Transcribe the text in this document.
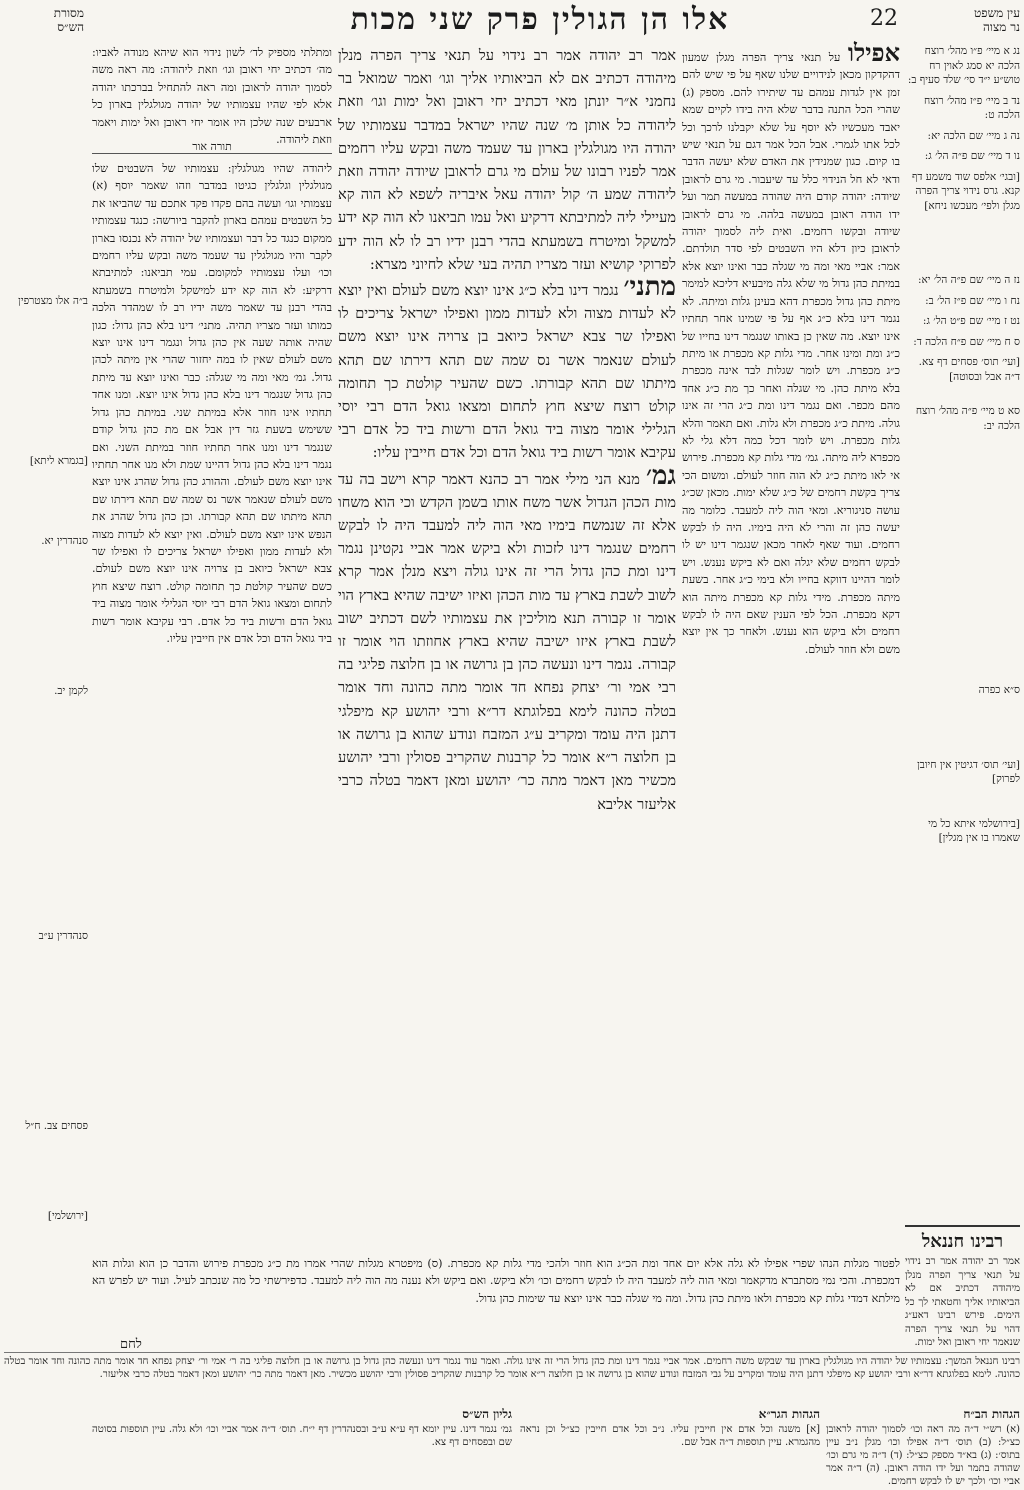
מסורת
הש״ס	אלו הן הגולין פרק שני מכות	22	עין משפט
נר מצוה
נג א מיי׳ פ״ו מהל׳ רוצח הלכה יא סמג לאוין רח טוש״ע י״ד סי׳ שלד סעיף ב:
נד ב מיי׳ פ״ז מהל׳ רוצח הלכה ט:
נה ג מיי׳ שם הלכה יא:
נו ד מיי׳ שם פ״ה הל׳ ג:
[ובגי׳ אלפס שוד משמע דף קנא. גרס נידוי צריך הפרה מגלן ולפי׳ מעכשו ניחא]
נז ה מיי׳ שם פ״ה הל׳ יא:
נח ו מיי׳ שם פ״ז הל׳ ב:
נט ז מיי׳ שם פ״ט הל׳ ג:
ס ח מיי׳ שם פ״ח הלכה ד:
[ועי׳ תוס׳ פסחים דף צא. ד״ה אבל ובסוטה]
סא ט מיי׳ פ״ה מהל׳ רוצח הלכה יב:
ס״א כפרה
[ועי׳ תוס׳ דגיטין אין חיובן לפרוק]
[בירושלמי איתא כל מי שאמרו בו אין מגלין]
ב״ה אלו מצטרפין
[בגמרא ליתא]
סנהדרין יא.
לקמן יב.
סנהדרין ע״ב
פסחים צב. ח״ל
[ירושלמי]
ומתלתי מספיק לד׳ לשון נידוי הוא שיהא מנודה לאביו: מה׳ דכתיב יחי ראובן וגו׳ וזאת ליהודה: מה ראה משה לסמוך יהודה לראובן ומה ראה להתחיל בברכתו יהודה אלא לפי שהיו עצמותיו של יהודה מגולגלין בארון כל ארבעים שנה שלכן היו אומר יחי ראובן ואל ימות ויאמר וזאת ליהודה.
תורה אור
ליהודה שהיו מגולגלין: עצמותיו של השבטים שלו מגולגלין וגלגלין כגיטו במדבר וזהו שאמר יוסף (א) עצמותי וגו׳ ועשה בהם פקדו פקד אתכם עד שהביאו את כל השבטים עמהם בארון להקבר ביורשה: כנגד עצמותיו ממקום כנגד כל דבר ועצמותיו של יהודה לא נכנסו בארון לקבר והיו מגולגלין עד שעמד משה ובקש עליו רחמים וכו׳ ועלו עצמותיו למקומם. עמי תביאנו: למתיבתא דרקיע: לא הוה קא ידע למישקל ולמיטרח בשמעתא בהדי רבנן עד שאמר משה ידיו רב לו שמהדר הלכה כמותו ועזר מצריו תהיה. מתני׳ דינו בלא כהן גדול: כגון שהיה אותה שעה אין כהן גדול ונגמר דינו אינו יוצא משם לעולם שאין לו במה יחזור שהרי אין מיתה לכהן גדול. גמ׳ מאי ומה מי שגלה: כבר ואינו יוצא עד מיתת כהן גדול שנגמר דינו בלא כהן גדול אינו יוצא. ומנו אחד תחתיו אינו חוזר אלא במיתת שני. במיתת כהן גדול ששימש בשעת גזר דין אבל אם מת כהן גדול קודם שנגמר דינו ומנו אחר תחתיו חוזר במיתת השני. ואם נגמר דינו בלא כהן גדול דהיינו שמת ולא מנו אחר תחתיו אינו יוצא משם לעולם. וההורג כהן גדול שהרג אינו יוצא משם לעולם שנאמר אשר נס שמה שם תהא דירתו שם תהא מיתתו שם תהא קבורתו. וכן כהן גדול שהרג את הנפש אינו יוצא משם לעולם. ואין יוצא לא לעדות מצוה ולא לעדות ממון ואפילו ישראל צריכים לו ואפילו שר צבא ישראל כיואב בן צרויה אינו יוצא משם לעולם. כשם שהעיר קולטת כך תחומה קולט. רוצח שיצא חוץ לתחום ומצאו גואל הדם רבי יוסי הגלילי אומר מצוה ביד גואל הדם ורשות ביד כל אדם. רבי עקיבא אומר רשות ביד גואל הדם וכל אדם אין חייבין עליו.

אמר רב יהודה אמר רב נידוי על תנאי צריך הפרה מנלן מיהודה דכתיב אם לא הביאותיו אליך וגו׳ ואמר שמואל בר נחמני א״ר יונתן מאי דכתיב יחי ראובן ואל ימות וגו׳ וזאת ליהודה כל אותן מ׳ שנה שהיו ישראל במדבר עצמותיו של יהודה היו מגולגלין בארון עד שעמד משה ובקש עליו רחמים אמר לפניו רבונו של עולם מי גרם לראובן שיודה יהודה וזאת ליהודה שמע ה׳ קול יהודה עאל איבריה לשפא לא הוה קא מעיילי ליה למתיבתא דרקיע ואל עמו תביאנו לא הוה קא ידע למשקל ומיטרח בשמעתא בהדי רבנן ידיו רב לו לא הוה ידע לפרוקי קושיא ועזר מצריו תהיה בעי שלא לחיוני מצרא:

מתני׳ נגמר דינו בלא כ״ג אינו יוצא משם לעולם ואין יוצא לא לעדות מצוה ולא לעדות ממון ואפילו ישראל צריכים לו ואפילו שר צבא ישראל כיואב בן צרויה אינו יוצא משם לעולם שנאמר אשר נס שמה שם תהא דירתו שם תהא מיתתו שם תהא קבורתו. כשם שהעיר קולטת כך תחומה קולט רוצח שיצא חוץ לתחום ומצאו גואל הדם רבי יוסי הגלילי אומר מצוה ביד גואל הדם ורשות ביד כל אדם רבי עקיבא אומר רשות ביד גואל הדם וכל אדם חייבין עליו:

גמ׳ מנא הני מילי אמר רב כהנא דאמר קרא וישב בה עד מות הכהן הגדול אשר משח אותו בשמן הקדש וכי הוא משחו אלא זה שנמשח בימיו מאי הוה ליה למעבד היה לו לבקש רחמים שנגמר דינו לזכות ולא ביקש אמר אביי נקטינן נגמר דינו ומת כהן גדול הרי זה אינו גולה ויצא מנלן אמר קרא לשוב לשבת בארץ עד מות הכהן ואיזו ישיבה שהיא בארץ הוי אומר זו קבורה תנא מוליכין את עצמותיו לשם דכתיב ישוב לשבת בארץ איזו ישיבה שהיא בארץ אחוזתו הוי אומר זו קבורה. נגמר דינו ונעשה כהן בן גרושה או בן חלוצה פליגי בה רבי אמי ור׳ יצחק נפחא חד אומר מתה כהונה וחד אומר בטלה כהונה לימא בפלוגתא דר״א ורבי יהושע קא מיפלגי דתנן היה עומד ומקריב ע״ג המזבח ונודע שהוא בן גרושה או בן חלוצה ר״א אומר כל קרבנות שהקריב פסולין ורבי יהושע מכשיר מאן דאמר מתה כר׳ יהושע ומאן דאמר בטלה כרבי אליעזר אליבא

אפילו על תנאי צריך הפרה מגלן שמעון דהקדקון מכאן לנידויים שלנו שאף על פי שיש להם זמן אין לגדות עמהם עד שיתירו להם. מספק (ג) שהרי הכל התנה בדבר שלא היה בידו לקיים שמא יאבד מעכשיו לא יוסף על שלא יקבלנו לרכך וכל לכל אתו לגמרי. אבל הכל אמר דגם על תנאי שיש בו קיום. כגון שמנידין את האדם שלא יעשה הדבר ודאי לא חל הנידוי כלל עד שיעבור. מי גרם לראובן שיודה: יהודה קודם היה שהודה במעשה תמר ועל ידו הודה ראובן במעשה בלהה. מי גרם לראובן שיודה ובקשו רחמים. ואית ליה לסמוך יהודה לראובן כיון דלא היו השבטים לפי סדר תולדתם. אמר: אביי מאי ומה מי שגלה כבר ואינו יוצא אלא במיתת כהן גדול מי שלא גלה מיבעיא דליכא למימר מיתת כהן גדול מכפרת דהא בעינן גלות ומיתה. לא נגמר דינו בלא כ״ג אף על פי שמינו אחר תחתיו אינו יוצא. מה שאין כן באותו שנגמר דינו בחייו של כ״ג ומת ומינו אחר. מדי גלות קא מכפרת או מיתת כ״ג מכפרת. ויש לומר שגלות לבד אינה מכפרת בלא מיתת כהן. מי שגלה ואחר כך מת כ״ג אחד מהם מכפר. ואם נגמר דינו ומת כ״ג הרי זה אינו גולה. מיתת כ״ג מכפרת ולא גלות. ואם תאמר והלא גלות מכפרת. ויש לומר דכל כמה דלא גלי לא מכפרא ליה מיתה. גמ׳ מדי גלות קא מכפרת. פירוש אי לאו מיתת כ״ג לא הוה חוזר לעולם. ומשום הכי צריך בקשת רחמים של כ״ג שלא ימות. מכאן שכ״ג עושה סניגוריא. ומאי הוה ליה למעבד. כלומר מה יעשה כהן זה והרי לא היה בימיו. היה לו לבקש רחמים. ועוד שאף לאחר מכאן שנגמר דינו יש לו לבקש רחמים שלא יגלה ואם לא ביקש נענש. ויש לומר דהיינו דווקא בחייו ולא בימי כ״ג אחר. בשעת מיתה מכפרת. מידי גלות קא מכפרת מיתה הוא דקא מכפרת. הכל לפי הענין שאם היה לו לבקש רחמים ולא ביקש הוא נענש. ולאחר כך אין יוצא משם ולא חוזר לעולם.

רבינו חננאל
אמר רב יהודה אמר רב נידוי על תנאי צריך הפרה מנלן מיהודה דכתיב אם לא הביאותיו אליך וחטאתי לך כל הימים. פירש רבינו דאע״ג דהוי על תנאי צריך הפרה שנאמר יחי ראובן ואל ימות.
לפטור מגלות הנהו שפרי אפילו לא גלה אלא יום אחד ומת הכ״ג הוא חוזר ולהכי מדי גלות קא מכפרת. (ס) מיפטרא מגלות שהרי אמרו מת כ״ג מכפרת פירוש והדבר כן הוא וגלות הוא דמכפרת. והכי נמי מסתברא מדקאמר ומאי הוה ליה למעבד היה לו לבקש רחמים וכו׳ ולא ביקש. ואם ביקש ולא נענה מה הוה ליה למעבד. כדפירשתי כל מה שנכתב לעיל. ועוד יש לפרש הא מילתא דמדי גלות קא מכפרת ולאו מיתת כהן גדול. ומה מי שגלה כבר אינו יוצא עד שימות כהן גדול.
לחם
רבינו חננאל המשך: עצמותיו של יהודה היו מגולגלין בארון עד שבקש משה רחמים. אמר אביי נגמר דינו ומת כהן גדול הרי זה אינו גולה. ואמר עוד נגמר דינו ונעשה כהן גדול בן גרושה או בן חלוצה פליגי בה ר׳ אמי ור׳ יצחק נפחא חד אומר מתה כהונה וחד אומר בטלה כהונה. לימא בפלוגתא דר״א ורבי יהושע קא מיפלגי דתנן היה עומד ומקריב על גבי המזבח ונודע שהוא בן גרושה או בן חלוצה ר״א אומר כל קרבנות שהקריב פסולין ורבי יהושע מכשיר. מאן דאמר מתה כר׳ יהושע ומאן דאמר בטלה כרבי אליעזר.
הגהות הב״ח
(א) רש״י ד״ה מה ראה וכו׳ לסמוך יהודה לראובן כצ״ל: (ב) תוס׳ ד״ה אפילו וכו׳ מגלן נ״ב עיין בתוס׳: (ג) בא״ד מספק כצ״ל: (ד) ד״ה מי גרם וכו׳ שהודה בתמר ועל ידו הודה ראובן. (ה) ד״ה אמר אביי וכו׳ ולכך יש לו לבקש רחמים.
הגהות הגר״א
[א] משנה וכל אדם אין חייבין עליו. נ״ב וכל אדם חייבין כצ״ל וכן נראה מהגמרא. עיין תוספות ד״ה אבל שם.
גליון הש״ס
גמ׳ נגמר דינו. עיין יומא דף ע״א ע״ב ובסנהדרין דף י״ח. תוס׳ ד״ה אמר אביי וכו׳ ולא גלה. עיין תוספות בסוטה שם ובפסחים דף צא.
